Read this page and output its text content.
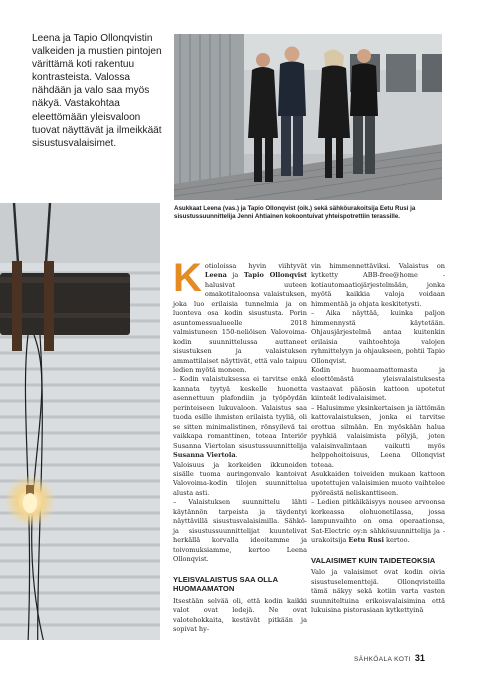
Leena ja Tapio Ollonqvistin valkeiden ja mustien pintojen värittämä koti rakentuu kontrasteista. Valossa nähdään ja valo saa myös näkyä. Vastakohtaa eleettömään yleisvaloon tuovat näyttävät ja ilmeikkäät sisustusvalaisimet.

Asukkaat Leena (vas.) ja Tapio Ollonqvist (oik.) sekä sähköurakoitsija Eetu Rusi ja sisustussuunnittelija Jenni Ahtiainen kokoontuivat yhteispotrettiin terassille.

Kotioloissa hyvin viihtyvät Leena ja Tapio Ollonqvist halusivat uuteen omakotitaloonsa valaistuksen, joka luo erilaisia tunnelmia ja on luonteva osa kodin sisustusta. Porin asuntomessualueelle 2018 valmistuneen 150-neliöisen Valovoima-kodin suunnittelussa auttaneet sisustuksen ja valaistuksen ammattilaiset näyttivät, että valo taipuu ledien myötä moneen.

– Kodin valaistuksessa ei tarvitse enkä kannata tyytyä keskelle huonetta asennettuun plafondiin ja työpöydän perinteiseen lukuvaloon. Valaistus saa tuoda esille ihmisten erilaista tyyliä, oli se sitten minimalistinen, rönsyilevä tai vaikkapa romanttinen, toteaa Interiör Susanna Viertolan sisustussuunnittelija Susanna Viertola.

Valoisuus ja korkeiden ikkunoiden sisälle tuoma auringonvalo kantoivat Valovoima-kodin tilojen suunnittelua alusta asti.

– Valaistuksen suunnittelu lähti käytännön tarpeista ja täydentyi näyttävillä sisustusvalaisimilla. Sähkö- ja sisustussuunnittelijat kuuntelivat herkällä korvalla ideoitamme ja toivomuksiamme, kertoo Leena Ollonqvist.

YLEISVALAISTUS SAA OLLA HUOMAAMATON

Itsestään selvää oli, että kodin kaikki valot ovat ledejä. Ne ovat valotehokkaita, kestävät pitkään ja sopivat hy-

vin himmennettäviksi. Valaistus on kytketty ABB-free@home -kotiautomaatiojärjestelmään, jonka myötä kaikkia valoja voidaan himmentää ja ohjata keskitetysti.

– Aika näyttää, kuinka paljon himmennystä käytetään. Ohjausjärjestelmä antaa kuitenkin erilaisia vaihtoehtoja valojen ryhmittelyyn ja ohjaukseen, pohtii Tapio Ollonqvist.

Kodin huomaamattomasta ja eleettömästä yleisvalaistuksesta vastaavat pääosin kattoon upotetut kiinteät ledivalaisimet.

– Halusimme yksinkertaisen ja iättömän kattovalaistuksen, jonka ei tarvitse erottua silmään. En myöskään halua pyyhkiä valaisimista pölyjä, joten valaisinvalintaan vaikutti myös helppohoitoisuus, Leena Ollonqvist toteaa.

Asukkaiden toiveiden mukaan kattoon upotettujen valaisimien muoto vaihtelee pyöreästä neliskanttiseen.

– Ledien pitkäikäisyys nousee arvoonsa korkeassa olohuonetilassa, jossa lampunvaihto on oma operaationsa, Sat-Electric oy:n sähkösuunnittelija ja -urakoitsija Eetu Rusi kertoo.

VALAISIMET KUIN TAIDETEOKSIA

Valo ja valaisimet ovat kodin oivia sisustuselementtejä. Ollonqvisteilla tämä näkyy sekä kotiin varta vasten suunniteltuina erikoisvalaisimina että lukuisina pistorasiaan kytkettyinä

SÄHKÖALA KOTI 31
